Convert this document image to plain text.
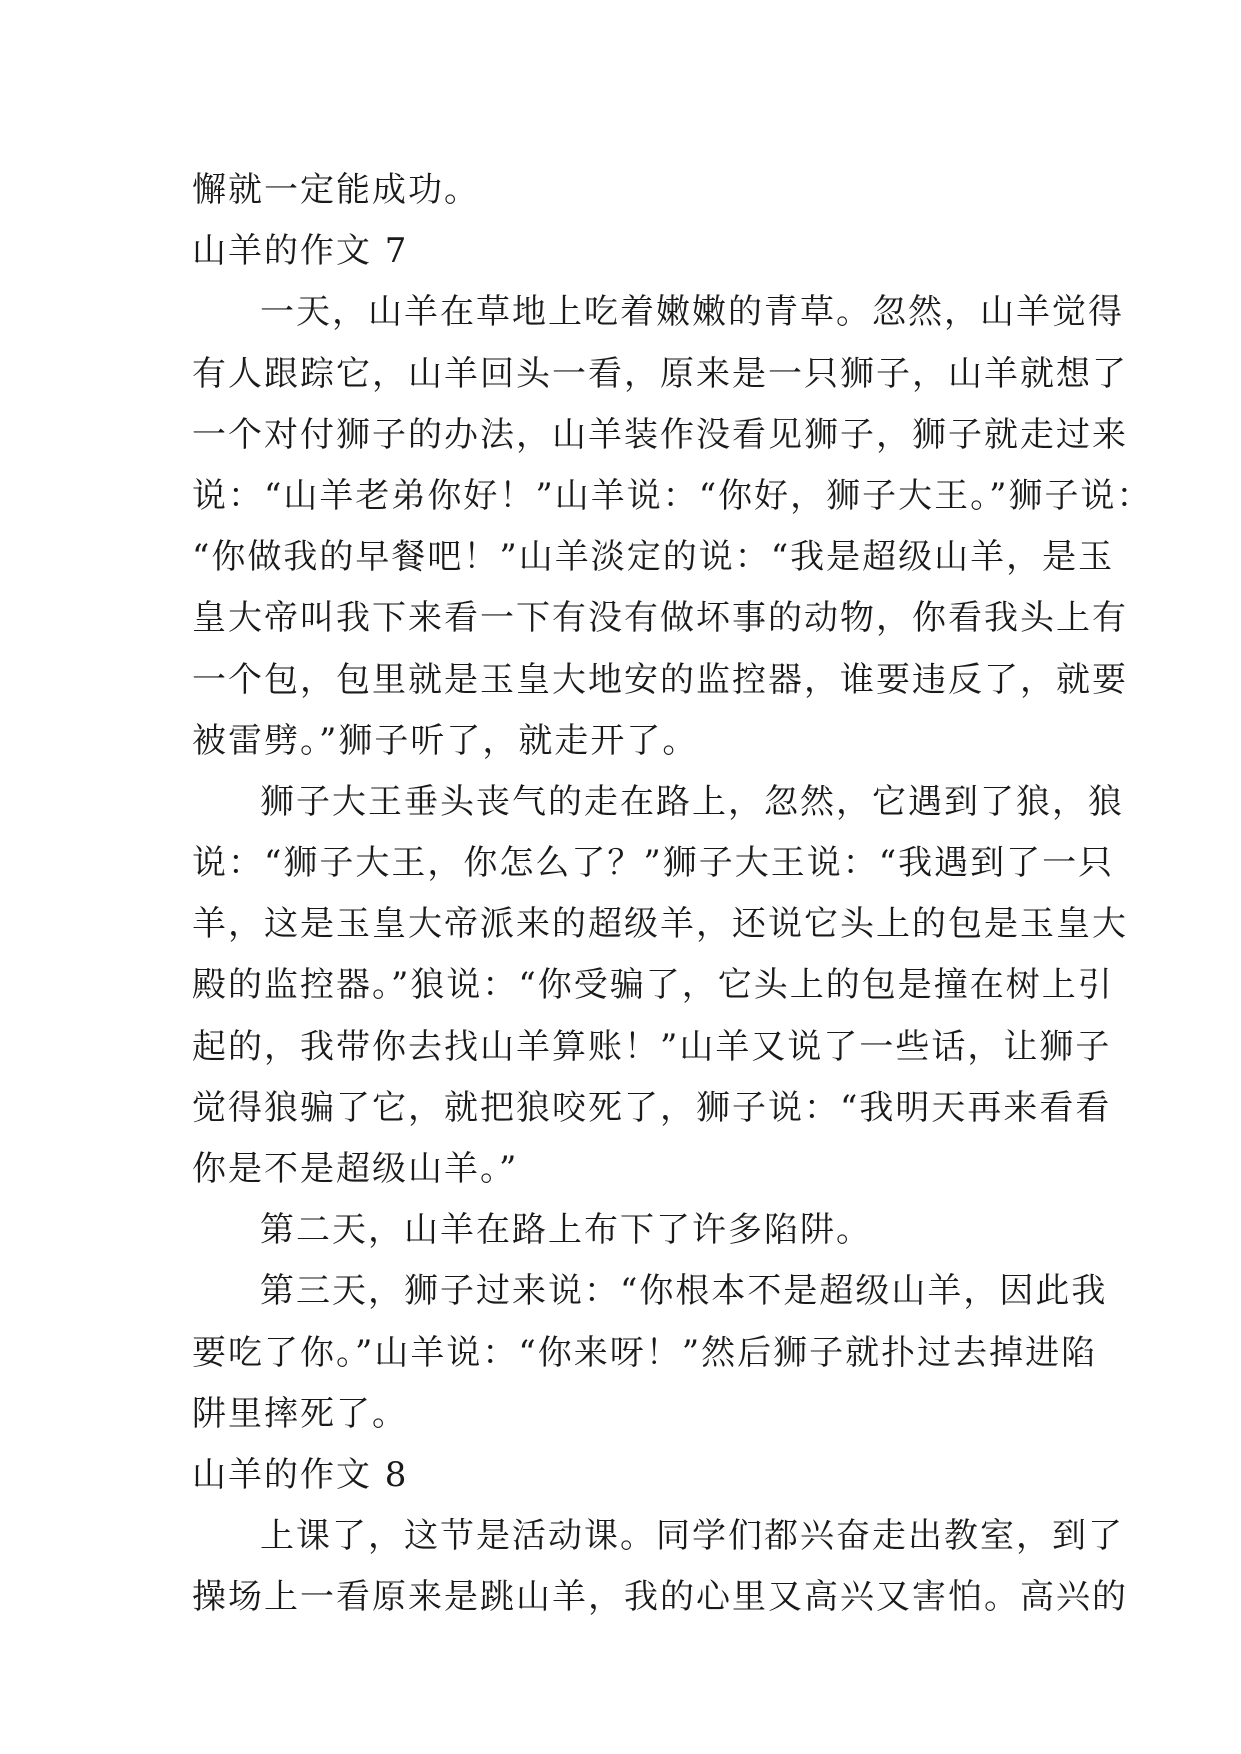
懈就一定能成功。
山羊的作文 7
一天，山羊在草地上吃着嫩嫩的青草。忽然，山羊觉得
有人跟踪它，山羊回头一看，原来是一只狮子，山羊就想了
一个对付狮子的办法，山羊装作没看见狮子，狮子就走过来
说：“山羊老弟你好！”山羊说：“你好，狮子大王。”狮子说：
“你做我的早餐吧！”山羊淡定的说：“我是超级山羊，是玉
皇大帝叫我下来看一下有没有做坏事的动物，你看我头上有
一个包，包里就是玉皇大地安的监控器，谁要违反了，就要
被雷劈。”狮子听了，就走开了。
狮子大王垂头丧气的走在路上，忽然，它遇到了狼，狼
说：“狮子大王，你怎么了？”狮子大王说：“我遇到了一只
羊，这是玉皇大帝派来的超级羊，还说它头上的包是玉皇大
殿的监控器。”狼说：“你受骗了，它头上的包是撞在树上引
起的，我带你去找山羊算账！”山羊又说了一些话，让狮子
觉得狼骗了它，就把狼咬死了，狮子说：“我明天再来看看
你是不是超级山羊。”
第二天，山羊在路上布下了许多陷阱。
第三天，狮子过来说：“你根本不是超级山羊，因此我
要吃了你。”山羊说：“你来呀！”然后狮子就扑过去掉进陷
阱里摔死了。
山羊的作文 8
上课了，这节是活动课。同学们都兴奋走出教室，到了
操场上一看原来是跳山羊，我的心里又高兴又害怕。高兴的
